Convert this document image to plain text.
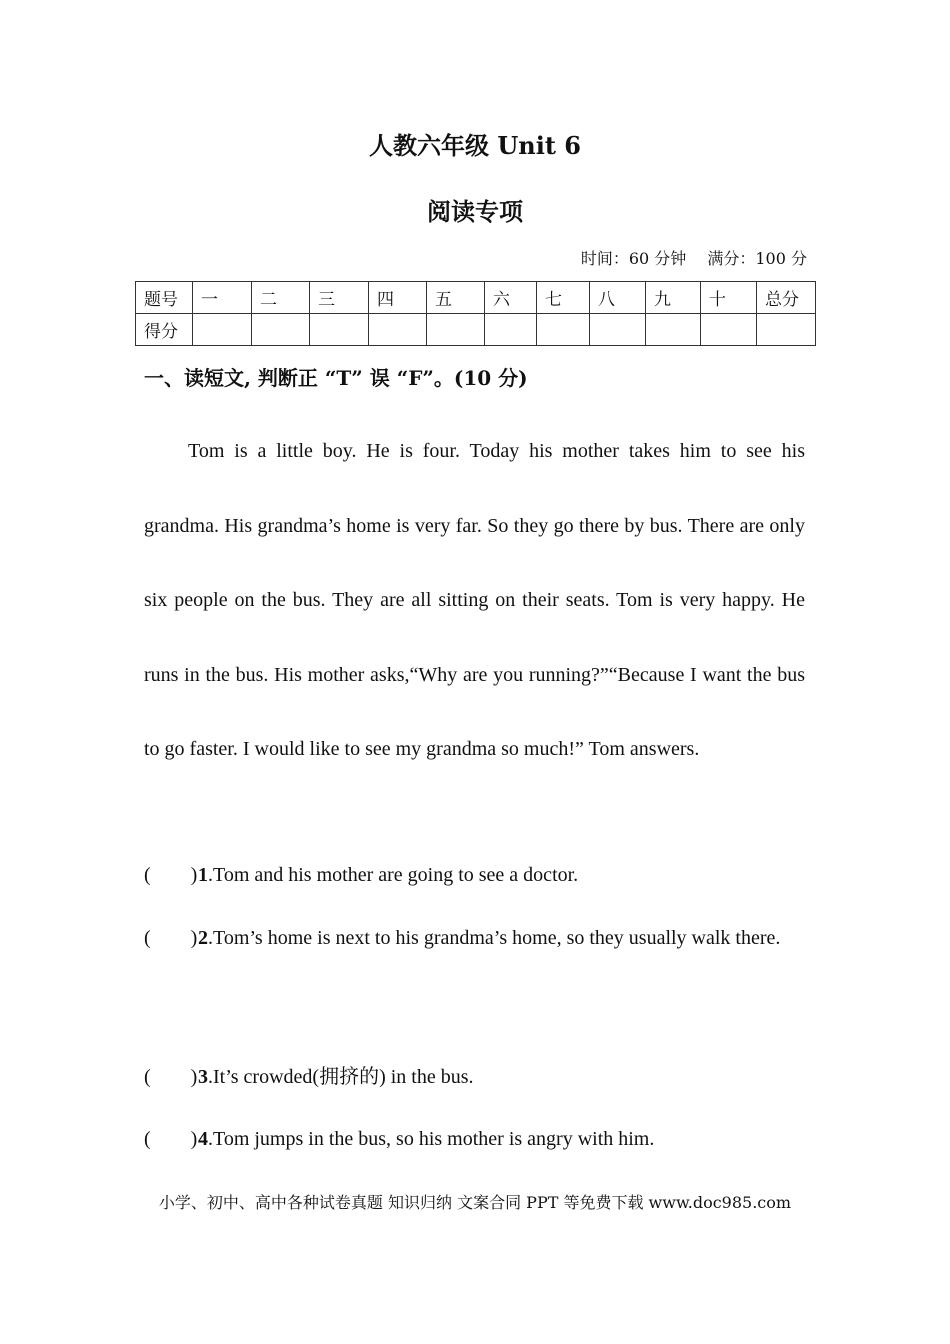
人教六年级 Unit 6
阅读专项
时间：60 分钟 满分：100 分
题号	一	二	三	四	五	六	七	八	九	十	总分
得分											
一、读短文, 判断正 “T” 误 “F”。(10 分)

Tom is a little boy. He is four. Today his mother takes him to see his grandma. His grandma’s home is very far. So they go there by bus. There are only six people on the bus. They are all sitting on their seats. Tom is very happy. He runs in the bus. His mother asks,“Why are you running?”“Because I want the bus to go faster. I would like to see my grandma so much!” Tom answers.

(        )1.Tom and his mother are going to see a doctor.

(        )2.Tom’s home is next to his grandma’s home, so they usually walk there.

(        )3.It’s crowded(拥挤的) in the bus.

(        )4.Tom jumps in the bus, so his mother is angry with him.

小学、初中、高中各种试卷真题 知识归纳 文案合同 PPT 等免费下载 www.doc985.com
